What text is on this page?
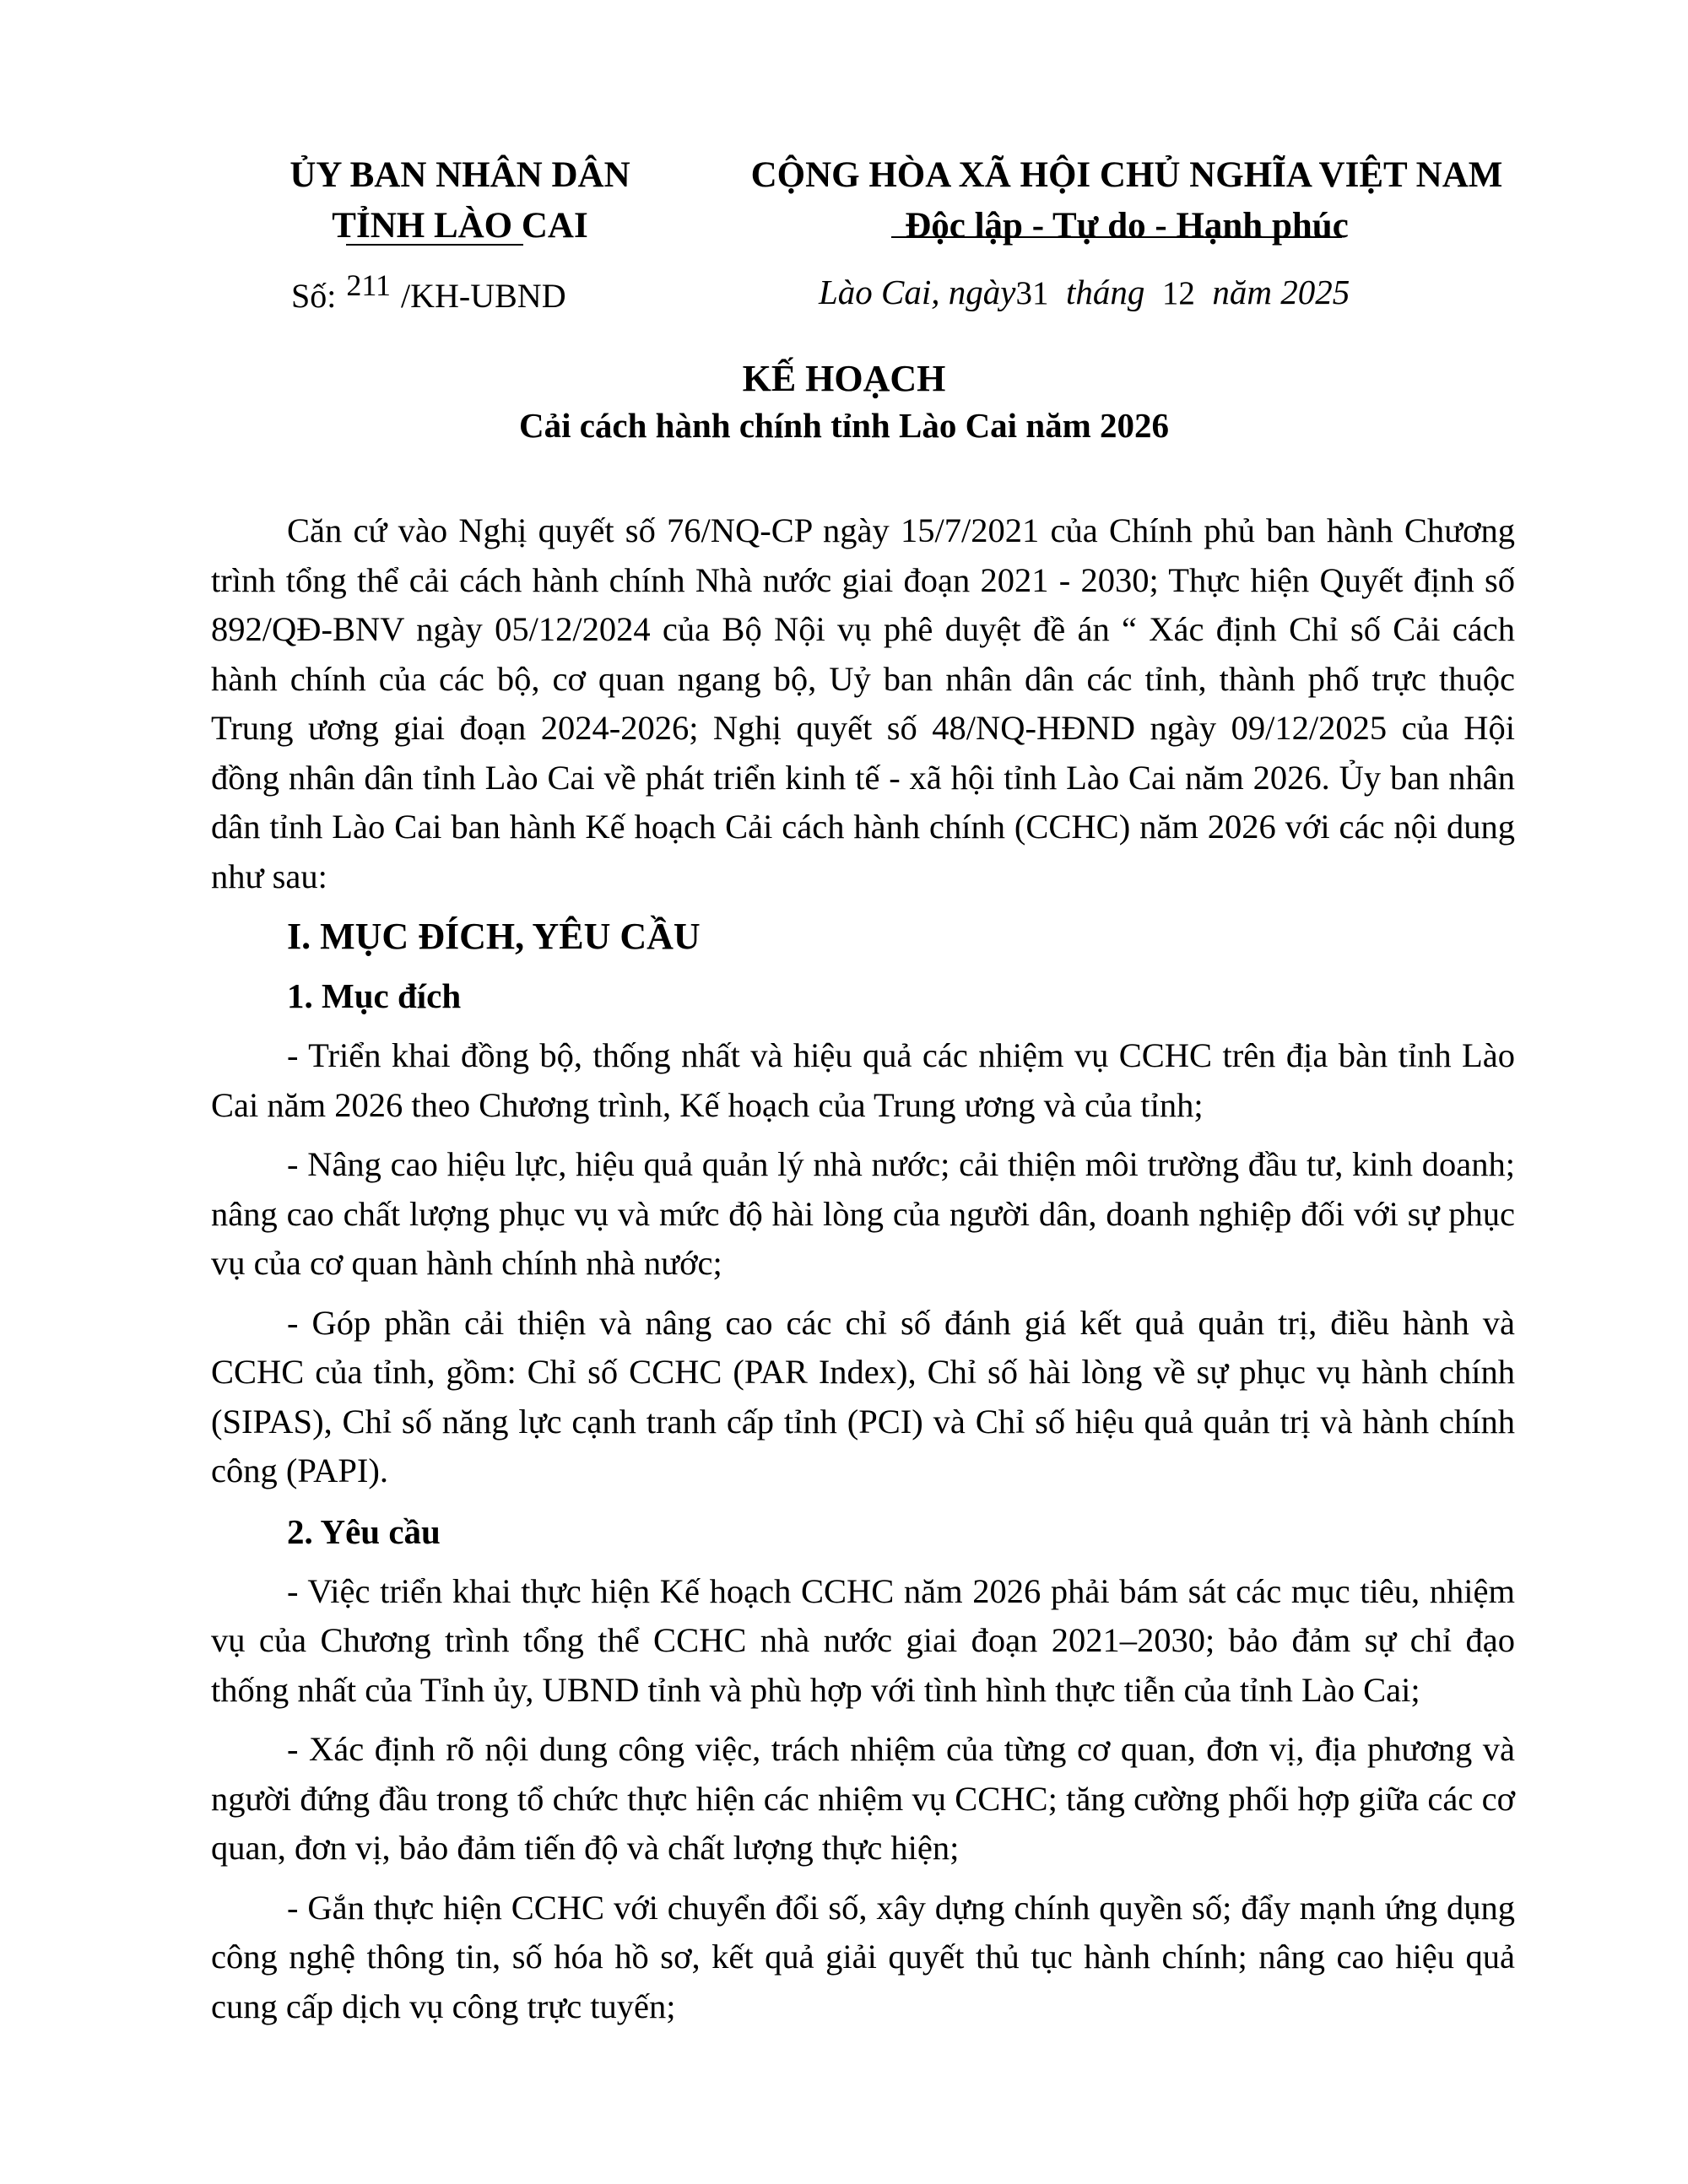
ỦY BAN NHÂN DÂN
TỈNH LÀO CAI
CỘNG HÒA XÃ HỘI CHỦ NGHĨA VIỆT NAM
Độc lập - Tự do - Hạnh phúc
Số: 211 /KH-UBND	Lào Cai, ngày31 tháng 12 năm 2025
KẾ HOẠCH
Cải cách hành chính tỉnh Lào Cai năm 2026

Căn cứ vào Nghị quyết số 76/NQ-CP ngày 15/7/2021 của Chính phủ ban hành Chương trình tổng thể cải cách hành chính Nhà nước giai đoạn 2021 - 2030; Thực hiện Quyết định số 892/QĐ-BNV ngày 05/12/2024 của Bộ Nội vụ phê duyệt đề án “ Xác định Chỉ số Cải cách hành chính của các bộ, cơ quan ngang bộ, Uỷ ban nhân dân các tỉnh, thành phố trực thuộc Trung ương giai đoạn 2024-2026; Nghị quyết số 48/NQ-HĐND ngày 09/12/2025 của Hội đồng nhân dân tỉnh Lào Cai về phát triển kinh tế - xã hội tỉnh Lào Cai năm 2026. Ủy ban nhân dân tỉnh Lào Cai ban hành Kế hoạch Cải cách hành chính (CCHC) năm 2026 với các nội dung như sau:

I. MỤC ĐÍCH, YÊU CẦU
1. Mục đích

- Triển khai đồng bộ, thống nhất và hiệu quả các nhiệm vụ CCHC trên địa bàn tỉnh Lào Cai năm 2026 theo Chương trình, Kế hoạch của Trung ương và của tỉnh;

- Nâng cao hiệu lực, hiệu quả quản lý nhà nước; cải thiện môi trường đầu tư, kinh doanh; nâng cao chất lượng phục vụ và mức độ hài lòng của người dân, doanh nghiệp đối với sự phục vụ của cơ quan hành chính nhà nước;

- Góp phần cải thiện và nâng cao các chỉ số đánh giá kết quả quản trị, điều hành và CCHC của tỉnh, gồm: Chỉ số CCHC (PAR Index), Chỉ số hài lòng về sự phục vụ hành chính (SIPAS), Chỉ số năng lực cạnh tranh cấp tỉnh (PCI) và Chỉ số hiệu quả quản trị và hành chính công (PAPI).

2. Yêu cầu

- Việc triển khai thực hiện Kế hoạch CCHC năm 2026 phải bám sát các mục tiêu, nhiệm vụ của Chương trình tổng thể CCHC nhà nước giai đoạn 2021–2030; bảo đảm sự chỉ đạo thống nhất của Tỉnh ủy, UBND tỉnh và phù hợp với tình hình thực tiễn của tỉnh Lào Cai;

- Xác định rõ nội dung công việc, trách nhiệm của từng cơ quan, đơn vị, địa phương và người đứng đầu trong tổ chức thực hiện các nhiệm vụ CCHC; tăng cường phối hợp giữa các cơ quan, đơn vị, bảo đảm tiến độ và chất lượng thực hiện;

- Gắn thực hiện CCHC với chuyển đổi số, xây dựng chính quyền số; đẩy mạnh ứng dụng công nghệ thông tin, số hóa hồ sơ, kết quả giải quyết thủ tục hành chính; nâng cao hiệu quả cung cấp dịch vụ công trực tuyến;
